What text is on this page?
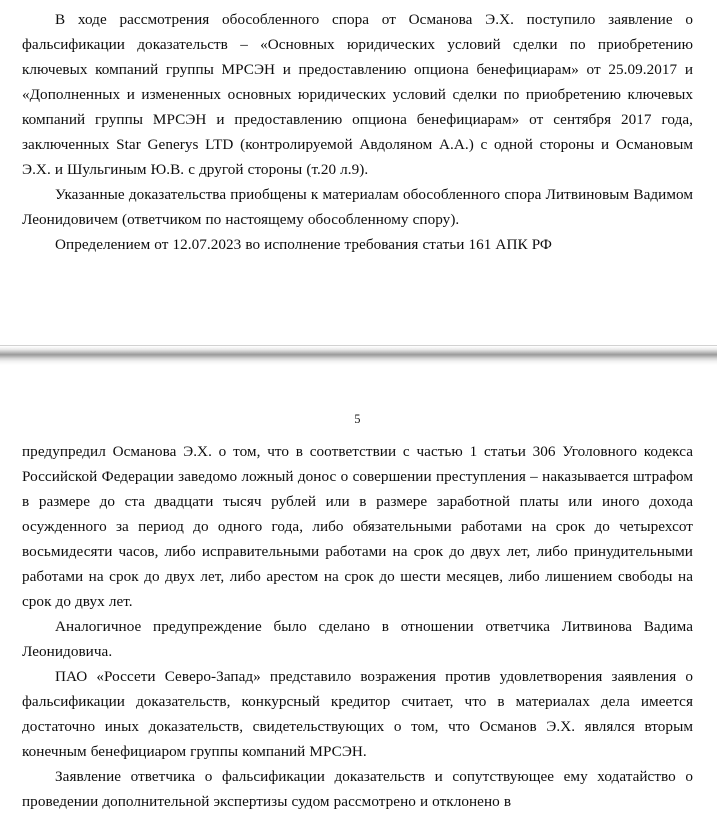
В ходе рассмотрения обособленного спора от Османова Э.Х. поступило заявление о фальсификации доказательств – «Основных юридических условий сделки по приобретению ключевых компаний группы МРСЭН и предоставлению опциона бенефициарам» от 25.09.2017 и «Дополненных и измененных основных юридических условий сделки по приобретению ключевых компаний группы МРСЭН и предоставлению опциона бенефициарам» от сентября 2017 года, заключенных Star Generys LTD (контролируемой Авдоляном А.А.) с одной стороны и Османовым Э.Х. и Шульгиным Ю.В. с другой стороны (т.20 л.9).

Указанные доказательства приобщены к материалам обособленного спора Литвиновым Вадимом Леонидовичем (ответчиком по настоящему обособленному спору).

Определением от 12.07.2023 во исполнение требования статьи 161 АПК РФ

5

предупредил Османова Э.Х. о том, что в соответствии с частью 1 статьи 306 Уголовного кодекса Российской Федерации заведомо ложный донос о совершении преступления – наказывается штрафом в размере до ста двадцати тысяч рублей или в размере заработной платы или иного дохода осужденного за период до одного года, либо обязательными работами на срок до четырехсот восьмидесяти часов, либо исправительными работами на срок до двух лет, либо принудительными работами на срок до двух лет, либо арестом на срок до шести месяцев, либо лишением свободы на срок до двух лет.

Аналогичное предупреждение было сделано в отношении ответчика Литвинова Вадима Леонидовича.

ПАО «Россети Северо-Запад» представило возражения против удовлетворения заявления о фальсификации доказательств, конкурсный кредитор считает, что в материалах дела имеется достаточно иных доказательств, свидетельствующих о том, что Османов Э.Х. являлся вторым конечным бенефициаром группы компаний МРСЭН.

Заявление ответчика о фальсификации доказательств и сопутствующее ему ходатайство о проведении дополнительной экспертизы судом рассмотрено и отклонено в
